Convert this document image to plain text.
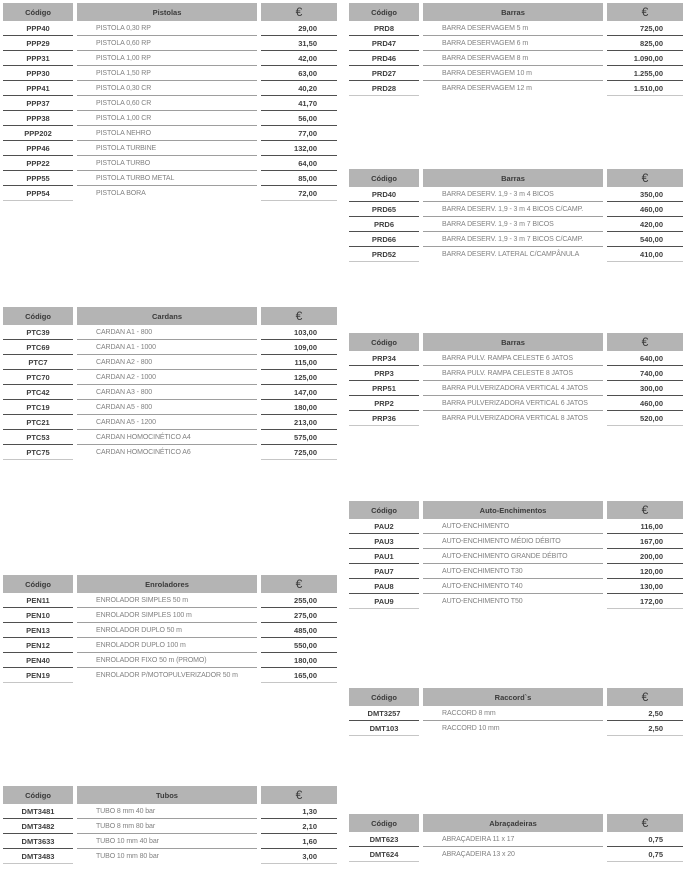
Código	Pistolas	€
PPP40	PISTOLA 0,30 RP	29,00
PPP29	PISTOLA 0,60 RP	31,50
PPP31	PISTOLA 1,00 RP	42,00
PPP30	PISTOLA 1,50 RP	63,00
PPP41	PISTOLA 0,30 CR	40,20
PPP37	PISTOLA 0,60 CR	41,70
PPP38	PISTOLA 1,00 CR	56,00
PPP202	PISTOLA NEHRO	77,00
PPP46	PISTOLA TURBINE	132,00
PPP22	PISTOLA TURBO	64,00
PPP55	PISTOLA TURBO METAL	85,00
PPP54	PISTOLA BORA	72,00
Código	Barras	€
PRD8	BARRA DESERVAGEM 5 m	725,00
PRD47	BARRA DESERVAGEM 6 m	825,00
PRD46	BARRA DESERVAGEM 8 m	1.090,00
PRD27	BARRA DESERVAGEM 10 m	1.255,00
PRD28	BARRA DESERVAGEM 12 m	1.510,00
Código	Barras	€
PRD40	BARRA DESERV. 1,9 - 3 m 4 BICOS	350,00
PRD65	BARRA DESERV. 1,9 - 3 m 4 BICOS C/CAMP.	460,00
PRD6	BARRA DESERV. 1,9 - 3 m 7 BICOS	420,00
PRD66	BARRA DESERV. 1,9 - 3 m 7 BICOS C/CAMP.	540,00
PRD52	BARRA DESERV. LATERAL C/CAMPÂNULA	410,00
Código	Cardans	€
PTC39	CARDAN A1 - 800	103,00
PTC69	CARDAN A1 - 1000	109,00
PTC7	CARDAN A2 - 800	115,00
PTC70	CARDAN A2 - 1000	125,00
PTC42	CARDAN A3 - 800	147,00
PTC19	CARDAN A5 - 800	180,00
PTC21	CARDAN A5 - 1200	213,00
PTC53	CARDAN HOMOCINÉTICO A4	575,00
PTC75	CARDAN HOMOCINÉTICO A6	725,00
Código	Barras	€
PRP34	BARRA PULV. RAMPA CELESTE 6 JATOS	640,00
PRP3	BARRA PULV. RAMPA CELESTE 8 JATOS	740,00
PRP51	BARRA PULVERIZADORA VERTICAL 4 JATOS	300,00
PRP2	BARRA PULVERIZADORA VERTICAL 6 JATOS	460,00
PRP36	BARRA PULVERIZADORA VERTICAL 8 JATOS	520,00
Código	Auto-Enchimentos	€
PAU2	AUTO-ENCHIMENTO	116,00
PAU3	AUTO-ENCHIMENTO MÉDIO DÉBITO	167,00
PAU1	AUTO-ENCHIMENTO GRANDE DÉBITO	200,00
PAU7	AUTO-ENCHIMENTO T30	120,00
PAU8	AUTO-ENCHIMENTO T40	130,00
PAU9	AUTO-ENCHIMENTO T50	172,00
Código	Enroladores	€
PEN11	ENROLADOR SIMPLES 50 m	255,00
PEN10	ENROLADOR SIMPLES 100 m	275,00
PEN13	ENROLADOR DUPLO 50 m	485,00
PEN12	ENROLADOR DUPLO 100 m	550,00
PEN40	ENROLADOR FIXO 50 m (PROMO)	180,00
PEN19	ENROLADOR P/MOTOPULVERIZADOR 50 m	165,00
Código	Raccord`s	€
DMT3257	RACCORD 8 mm	2,50
DMT103	RACCORD 10 mm	2,50
Código	Tubos	€
DMT3481	TUBO 8 mm 40 bar	1,30
DMT3482	TUBO 8 mm 80 bar	2,10
DMT3633	TUBO 10 mm 40 bar	1,60
DMT3483	TUBO 10 mm 80 bar	3,00
Código	Abraçadeiras	€
DMT623	ABRAÇADEIRA 11 x 17	0,75
DMT624	ABRAÇADEIRA 13 x 20	0,75
